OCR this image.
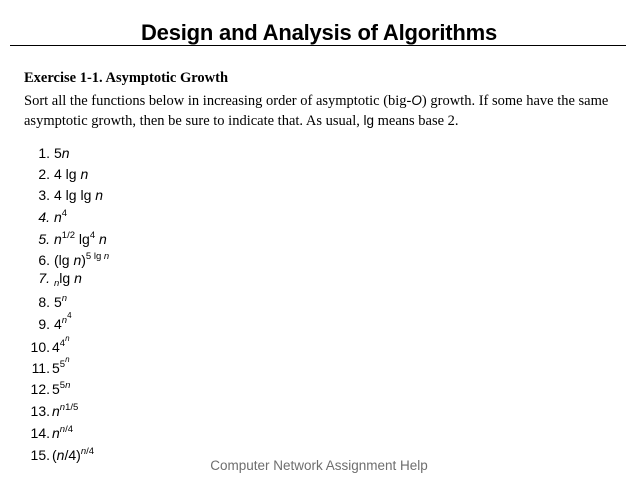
Design and Analysis of Algorithms
Exercise 1-1. Asymptotic Growth
Sort all the functions below in increasing order of asymptotic (big-O) growth. If some have the same asymptotic growth, then be sure to indicate that. As usual, lg means base 2.
1. 5n
2. 4 lg n
3. 4 lg lg n
4. $n^4$
5. $n^{1/2}$ $\lg^4 n$
6. (lg n)$^{5 lg n}$
7. $_n$lg n
8. 5$^n$
9. $4^{n^4}$
10. $4^{4^n}$
11. $5^{5^n}$
12. $5^{5n}$
13. $n^{n1/5}$
14. $n^{n/4}$
15. $(n/4)^{n/4}$
Computer Network Assignment Help
